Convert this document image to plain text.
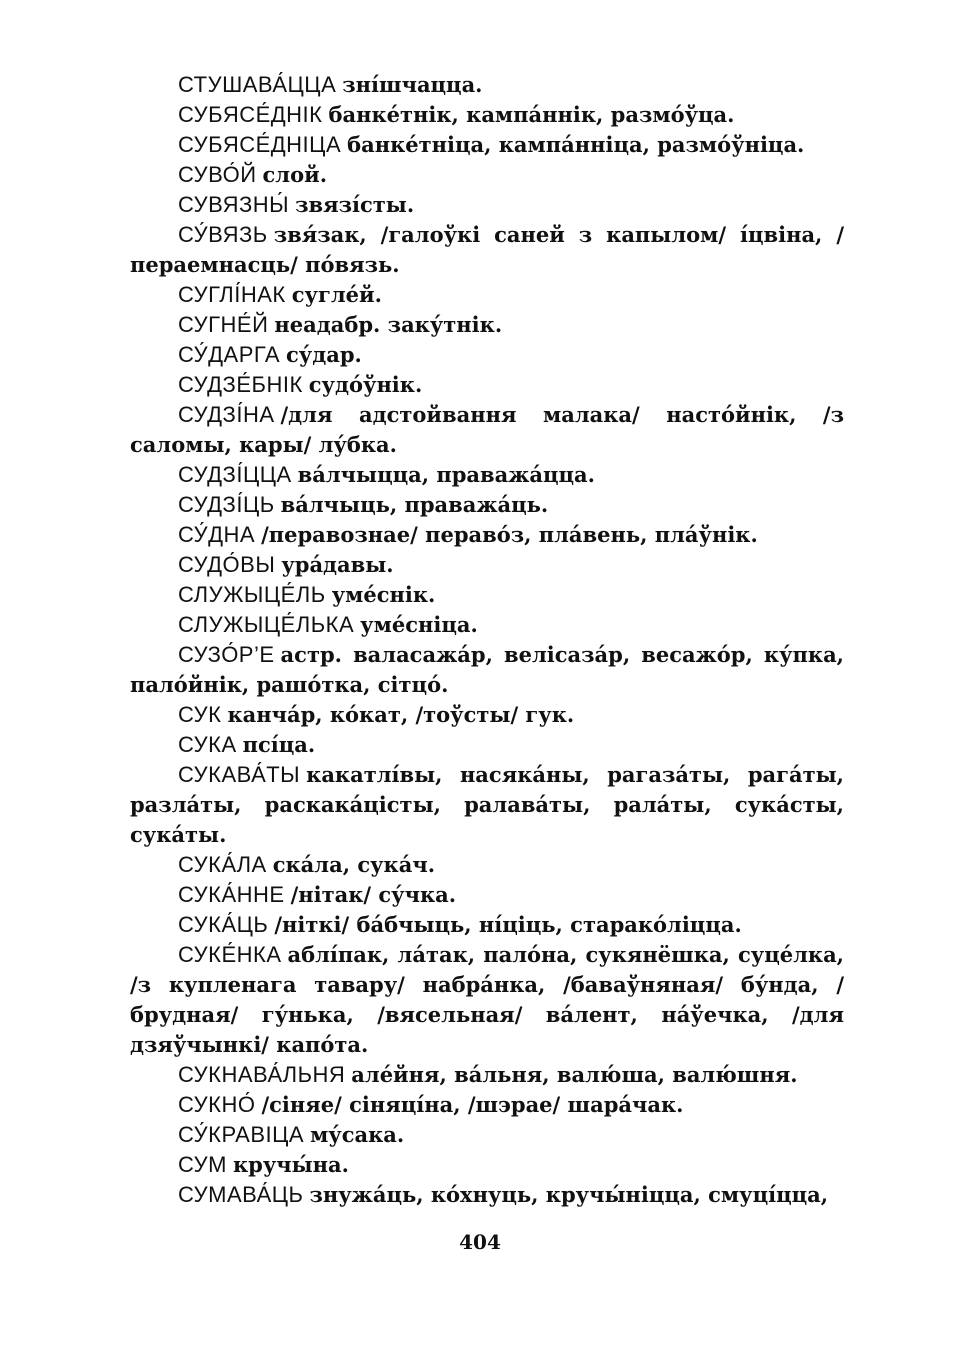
СТУШАВА́ЦЦА зні́шчацца.

СУБЯСЕ́ДНІК банке́тнік, кампа́ннік, размо́ўца.

СУБЯСЕ́ДНІЦА банке́тніца, кампа́нніца, размо́ўніца.

СУВО́Й слой.

СУВЯЗНЫ́ звязі́сты.

СУ́ВЯЗЬ звя́зак, /галоўкі саней з капылом/ і́цвіна, /пераемнасць/ по́вязь.

СУГЛІ́НАК сугле́й.

СУГНЕ́Й неадабр. заку́тнік.

СУ́ДАРГА су́дар.

СУДЗЕ́БНІК судо́ўнік.

СУДЗІ́НА /для адстойвання малака/ насто́йнік, /з саломы, кары/ лу́бка.

СУДЗІ́ЦЦА ва́лчыцца, праважа́цца.

СУДЗІ́ЦЬ ва́лчыць, праважа́ць.

СУ́ДНА /перавознае/ перавóз, пла́вень, пла́ўнік.

СУДО́ВЫ ура́давы.

СЛУЖЫЦЕ́ЛЬ уме́снік.

СЛУЖЫЦЕ́ЛЬКА уме́сніца.

СУЗО́Р’Е астр. валасажа́р, велісаза́р, весажо́р, ку́пка, пало́йнік, рашо́тка, сітцо́.

СУК канча́р, ко́кат, /тоўсты/ гук.

СУКА псі́ца.

СУКАВА́ТЫ какатлі́вы, насяка́ны, рагаза́ты, рага́ты, разла́ты, раскака́цісты, ралава́ты, рала́ты, сука́сты, сука́ты.

СУКА́ЛА ска́ла, сука́ч.

СУКА́ННЕ /нітак/ су́чка.

СУКА́ЦЬ /ніткі/ ба́бчыць, ні́ціць, старако́ліцца.

СУКЕ́НКА аблі́пак, ла́так, пало́на, сукянёшка, суце́лка, /з купленага тавару/ набра́нка, /баваўняная/ бу́нда, /брудная/ гу́нька, /вясельная/ ва́лент, на́ўечка, /для дзяўчынкі/ капо́та.

СУКНАВА́ЛЬНЯ але́йня, ва́льня, валю́ша, валю́шня.

СУКНО́ /сіняе/ сіняці́на, /шэрае/ шара́чак.

СУ́КРАВІЦА му́сака.

СУМ кручы́на.

СУМАВА́ЦЬ знужа́ць, ко́хнуць, кручы́ніцца, смуці́цца,

404
